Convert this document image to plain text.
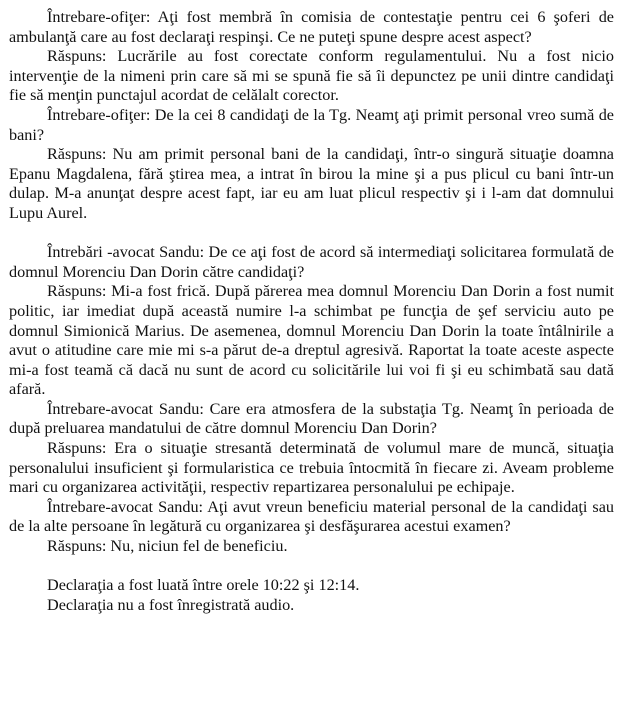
Întrebare-ofiţer: Aţi fost membră în comisia de contestaţie pentru cei 6 şoferi de ambulanţă care au fost declaraţi respinşi. Ce ne puteţi spune despre acest aspect?

Răspuns: Lucrările au fost corectate conform regulamentului. Nu a fost nicio intervenţie de la nimeni prin care să mi se spună fie să îi depunctez pe unii dintre candidaţi fie să menţin punctajul acordat de celălalt corector.

Întrebare-ofiţer: De la cei 8 candidaţi de la Tg. Neamţ aţi primit personal vreo sumă de bani?

Răspuns: Nu am primit personal bani de la candidaţi, într-o singură situaţie doamna Epanu Magdalena, fără ştirea mea, a intrat în birou la mine şi a pus plicul cu bani într-un dulap. M-a anunţat despre acest fapt, iar eu am luat plicul respectiv şi i l-am dat domnului Lupu Aurel.

Întrebări -avocat Sandu: De ce aţi fost de acord să intermediaţi solicitarea formulată de domnul Morenciu Dan Dorin către candidaţi?

Răspuns: Mi-a fost frică. După părerea mea domnul Morenciu Dan Dorin a fost numit politic, iar imediat după această numire l-a schimbat pe funcţia de şef serviciu auto pe domnul Simionică Marius. De asemenea, domnul Morenciu Dan Dorin la toate întâlnirile a avut o atitudine care mie mi s-a părut de-a dreptul agresivă. Raportat la toate aceste aspecte mi-a fost teamă că dacă nu sunt de acord cu solicitările lui voi fi şi eu schimbată sau dată afară.

Întrebare-avocat Sandu: Care era atmosfera de la substaţia Tg. Neamţ în perioada de după preluarea mandatului de către domnul Morenciu Dan Dorin?

Răspuns: Era o situaţie stresantă determinată de volumul mare de muncă, situaţia personalului insuficient şi formularistica ce trebuia întocmită în fiecare zi. Aveam probleme mari cu organizarea activităţii, respectiv repartizarea personalului pe echipaje.

Întrebare-avocat Sandu: Aţi avut vreun beneficiu material personal de la candidaţi sau de la alte persoane în legătură cu organizarea şi desfăşurarea acestui examen?

Răspuns: Nu, niciun fel de beneficiu.

Declaraţia a fost luată între orele 10:22 şi 12:14.

Declaraţia nu a fost înregistrată audio.
